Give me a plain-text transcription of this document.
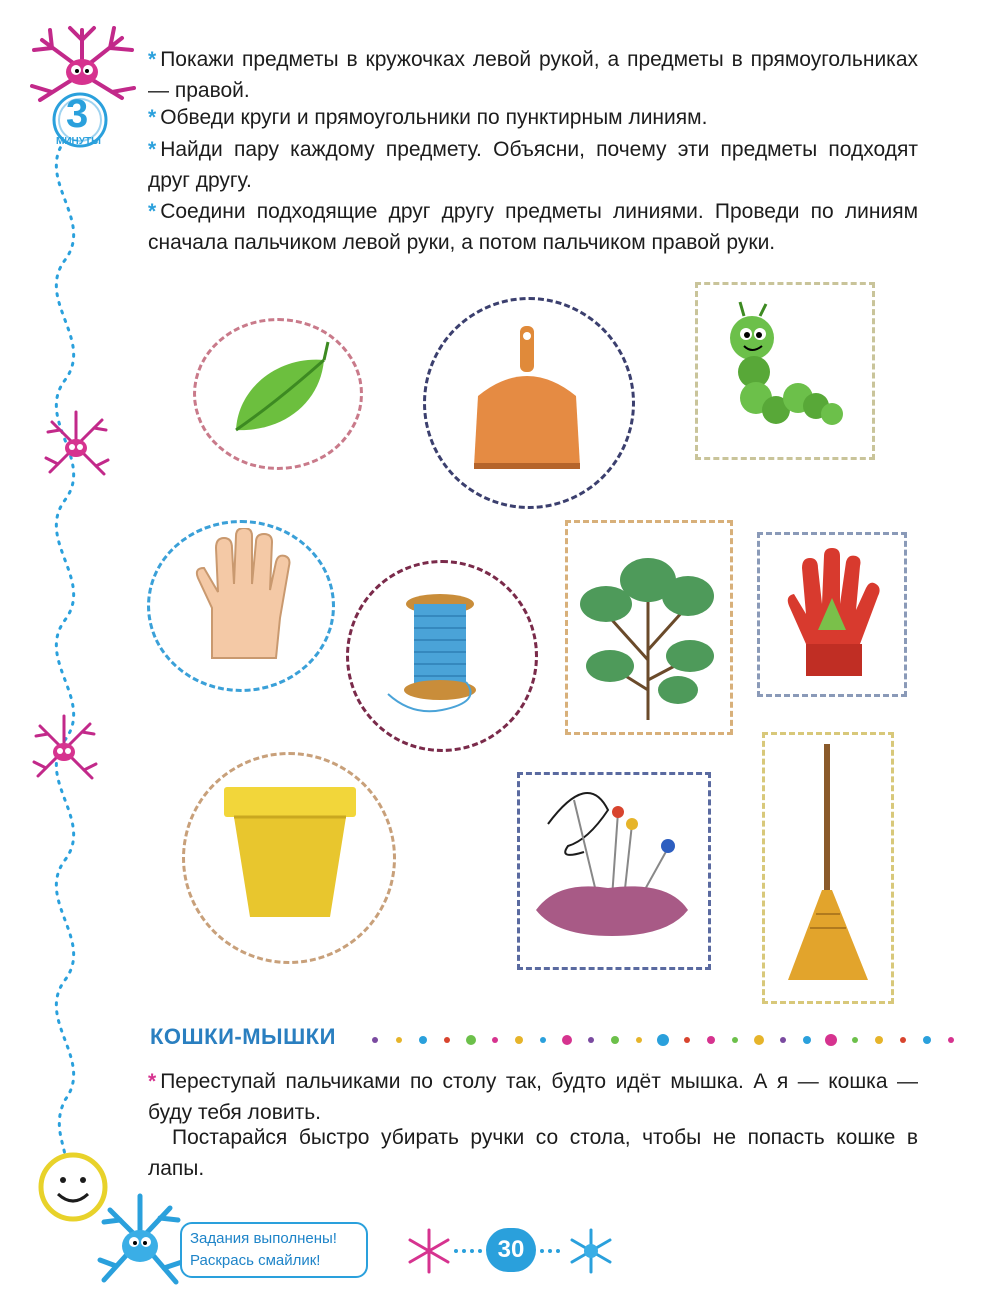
3
МИНУТЫ
* Покажи предметы в кружочках левой рукой, а предметы в прямоугольниках — правой.
* Обведи круги и прямоугольники по пунктирным линиям.
* Найди пару каждому предмету. Объясни, почему эти предметы подходят друг другу.
* Соедини подходящие друг другу предметы линиями. Проведи по линиям сначала пальчиком левой руки, а потом пальчиком правой руки.
КОШКИ-МЫШКИ
* Переступай пальчиками по столу так, будто идёт мышка. А я — кошка — буду тебя ловить.
Постарайся быстро убирать ручки со стола, чтобы не попасть кошке в лапы.
Задания выполнены!
Раскрась смайлик!	30
